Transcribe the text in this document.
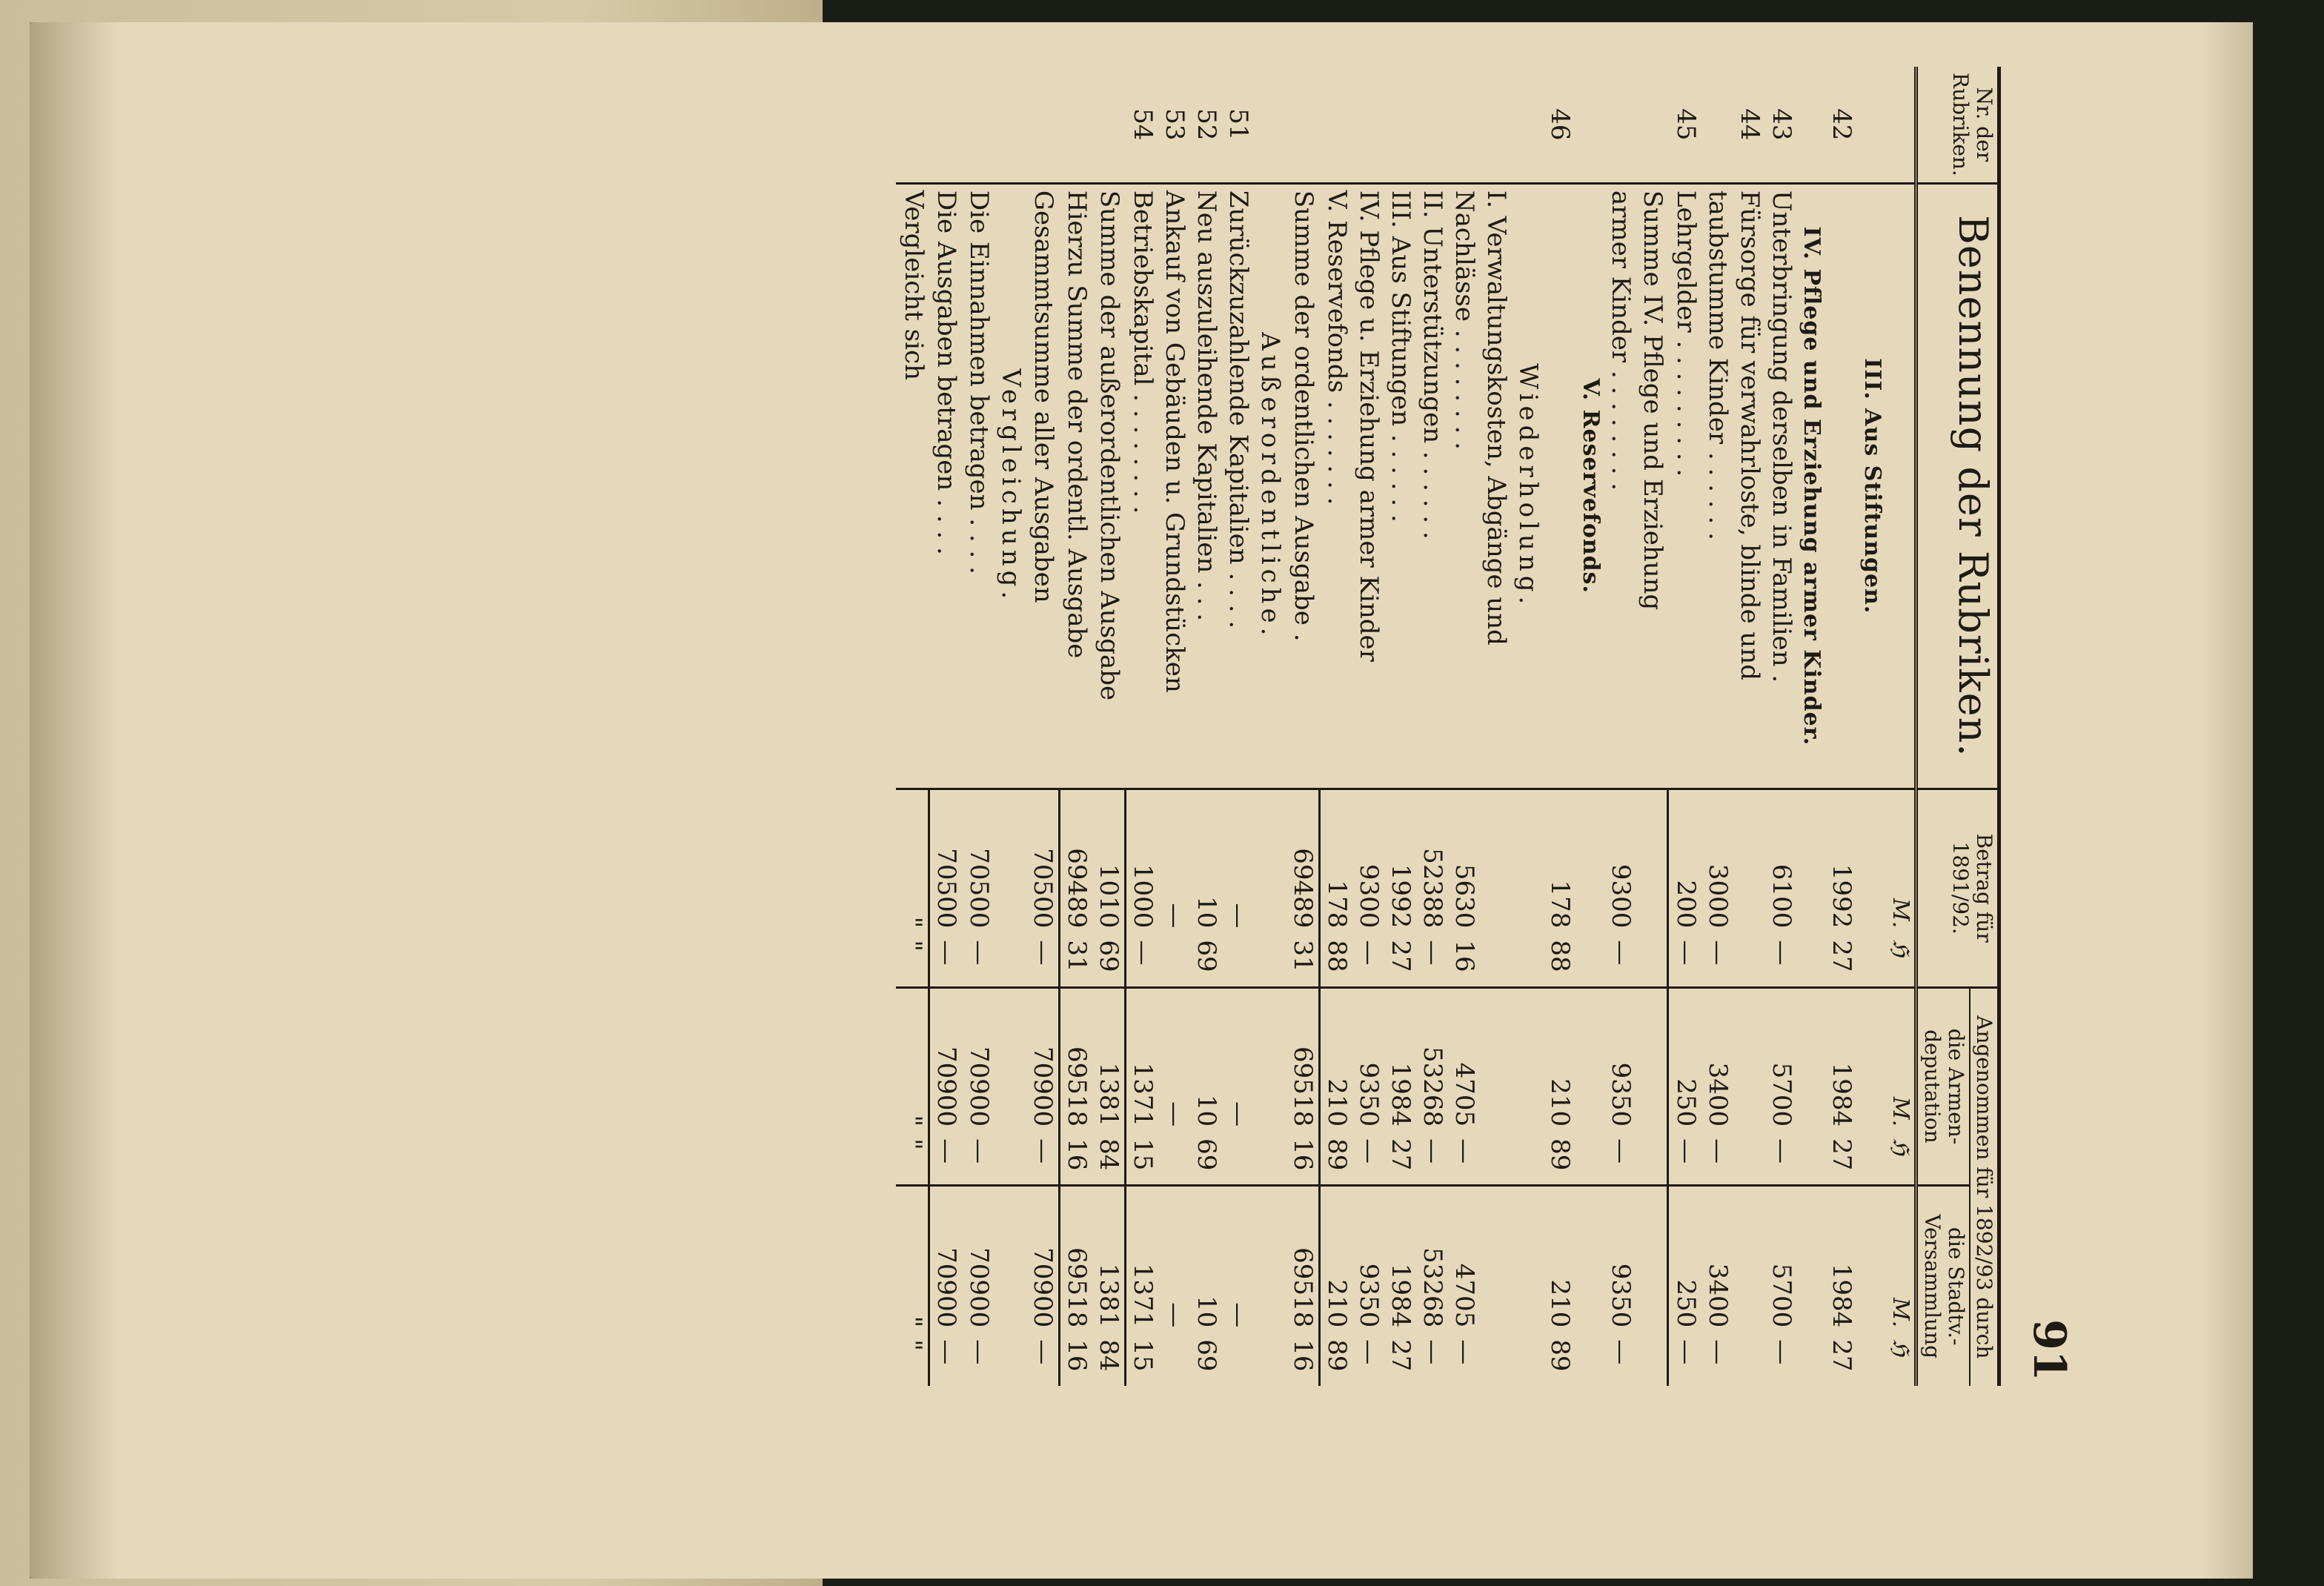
91
Nr. der Rubriken.	Benennung der Rubriken.	Betrag für 1891/92.		Angenommen für 1892/93 durch			
				die Armen-deputation		die Stadtv.-Versammlung	
		M.	ℌ	M.	ℌ	M.	ℌ
	III. Aus Stiftungen.						
42		1992	27	1984	27	1984	27
	IV. Pflege und Erziehung armer Kinder.						
43	Unterbringung derselben in Familien .	6100	—	5700	—	5700	—
44	Fürsorge für verwahrloste, blinde und						
	taubstumme Kinder . . . . . .	3000	—	3400	—	3400	—
45	Lehrgelder . . . . . . . . .	200	—	250	—	250	—
	Summe IV. Pflege und Erziehung						
	armer Kinder . . . . . . . .	9300	—	9350	—	9350	—
	V. Reservefonds.						
46		178	88	210	89	210	89
	Wiederholung.						
	I. Verwaltungskosten, Abgänge und						
	Nachlässe . . . . . . . .	5630	16	4705	—	4705	—
	II. Unterstützungen . . . . . .	52388	—	53268	—	53268	—
	III. Aus Stiftungen . . . . . .	1992	27	1984	27	1984	27
	IV. Pflege u. Erziehung armer Kinder	9300	—	9350	—	9350	—
	V. Reservefonds . . . . . . .	178	88	210	89	210	89
	Summe der ordentlichen Ausgabe .	69489	31	69518	16	69518	16
	Außerordentliche.						
51	Zurückzuzahlende Kapitalien . . . .	—		—		—	
52	Neu auszuleihende Kapitalien . . .	10	69	10	69	10	69
53	Ankauf von Gebäuden u. Grundstücken	—		—		—	
54	Betriebskapital . . . . . . . .	1000	—	1371	15	1371	15
	Summe der außerordentlichen Ausgabe	1010	69	1381	84	1381	84
	Hierzu Summe der ordentl. Ausgabe	69489	31	69518	16	69518	16
	Gesammtsumme aller Ausgaben	70500	—	70900	—	70900	—
	Vergleichung.						
	Die Einnahmen betragen . . . .	70500	—	70900	—	70900	—
	Die Ausgaben betragen . . . .	70500	—	70900	—	70900	—
	Vergleicht sich	"	"	"	"	"	"
